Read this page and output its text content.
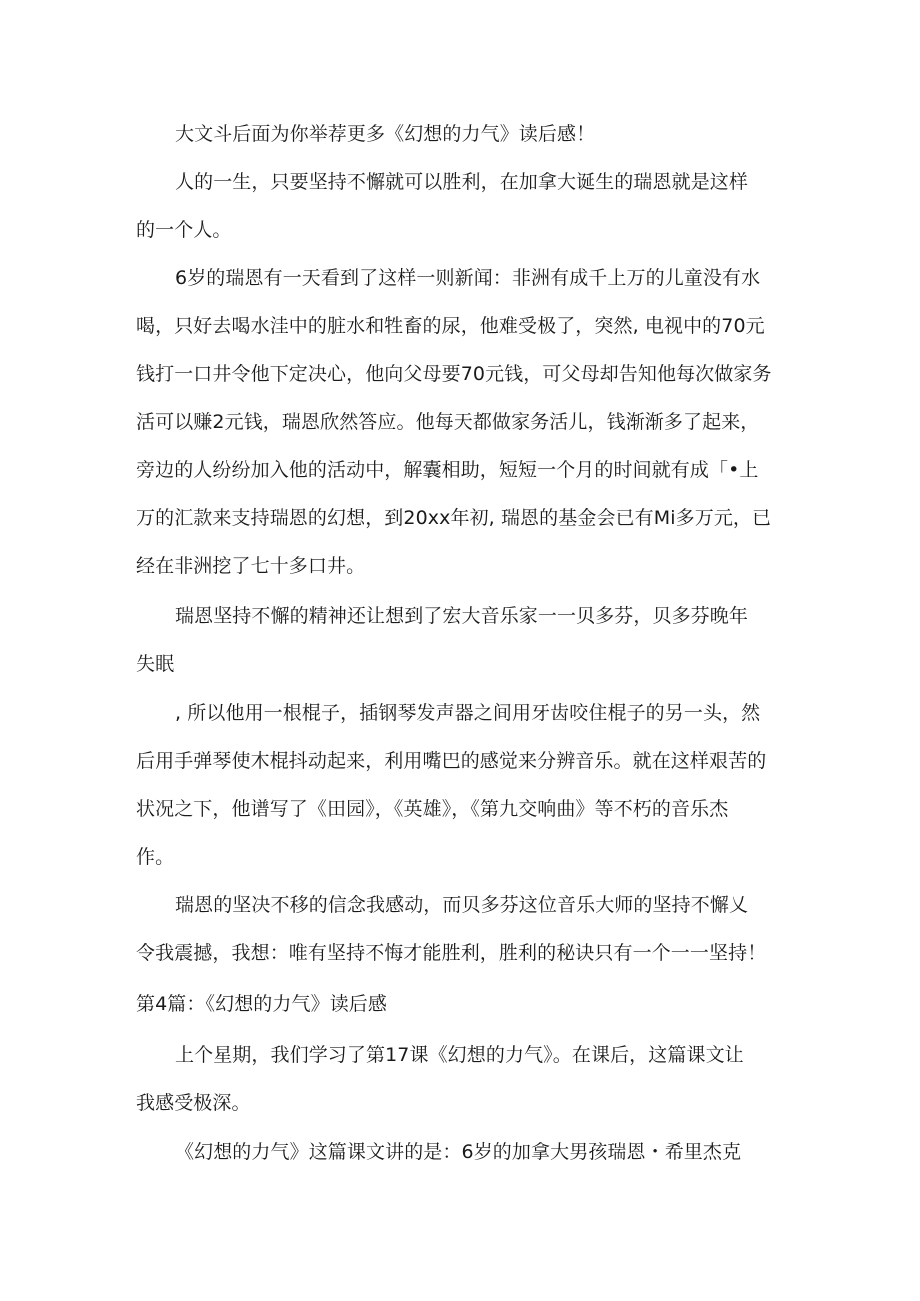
大文斗后面为你举荐更多《幻想的力气》读后感！
人的一生，只要坚持不懈就可以胜利，在加拿大诞生的瑞恩就是这样
的一个人。
6岁的瑞恩有一天看到了这样一则新闻：非洲有成千上万的儿童没有水
喝，只好去喝水洼中的脏水和牲畜的尿，他难受极了，突然, 电视中的70元
钱打一口井令他下定决心，他向父母要70元钱，可父母却告知他每次做家务
活可以赚2元钱，瑞恩欣然答应。他每天都做家务活儿，钱渐渐多了起来，
旁边的人纷纷加入他的活动中，解囊相助，短短一个月的时间就有成「•上
万的汇款来支持瑞恩的幻想，到20xx年初, 瑞恩的基金会已有Mi多万元，已
经在非洲挖了七十多口井。
瑞恩坚持不懈的精神还让想到了宏大音乐家一一贝多芬，贝多芬晚年
失眠
, 所以他用一根棍子，插钢琴发声器之间用牙齿咬住棍子的另一头，然
后用手弹琴使木棍抖动起来，利用嘴巴的感觉来分辨音乐。就在这样艰苦的
状况之下，他谱写了《田园》，《英雄》，《第九交响曲》等不朽的音乐杰
作。
瑞恩的坚决不移的信念我感动，而贝多芬这位音乐大师的坚持不懈乂
令我震撼，我想：唯有坚持不悔才能胜利，胜利的秘诀只有一个一一坚持！
第4篇：《幻想的力气》读后感
上个星期，我们学习了第17课《幻想的力气》。在课后，这篇课文让
我感受极深。
《幻想的力气》这篇课文讲的是：6岁的加拿大男孩瑞恩・希里杰克
